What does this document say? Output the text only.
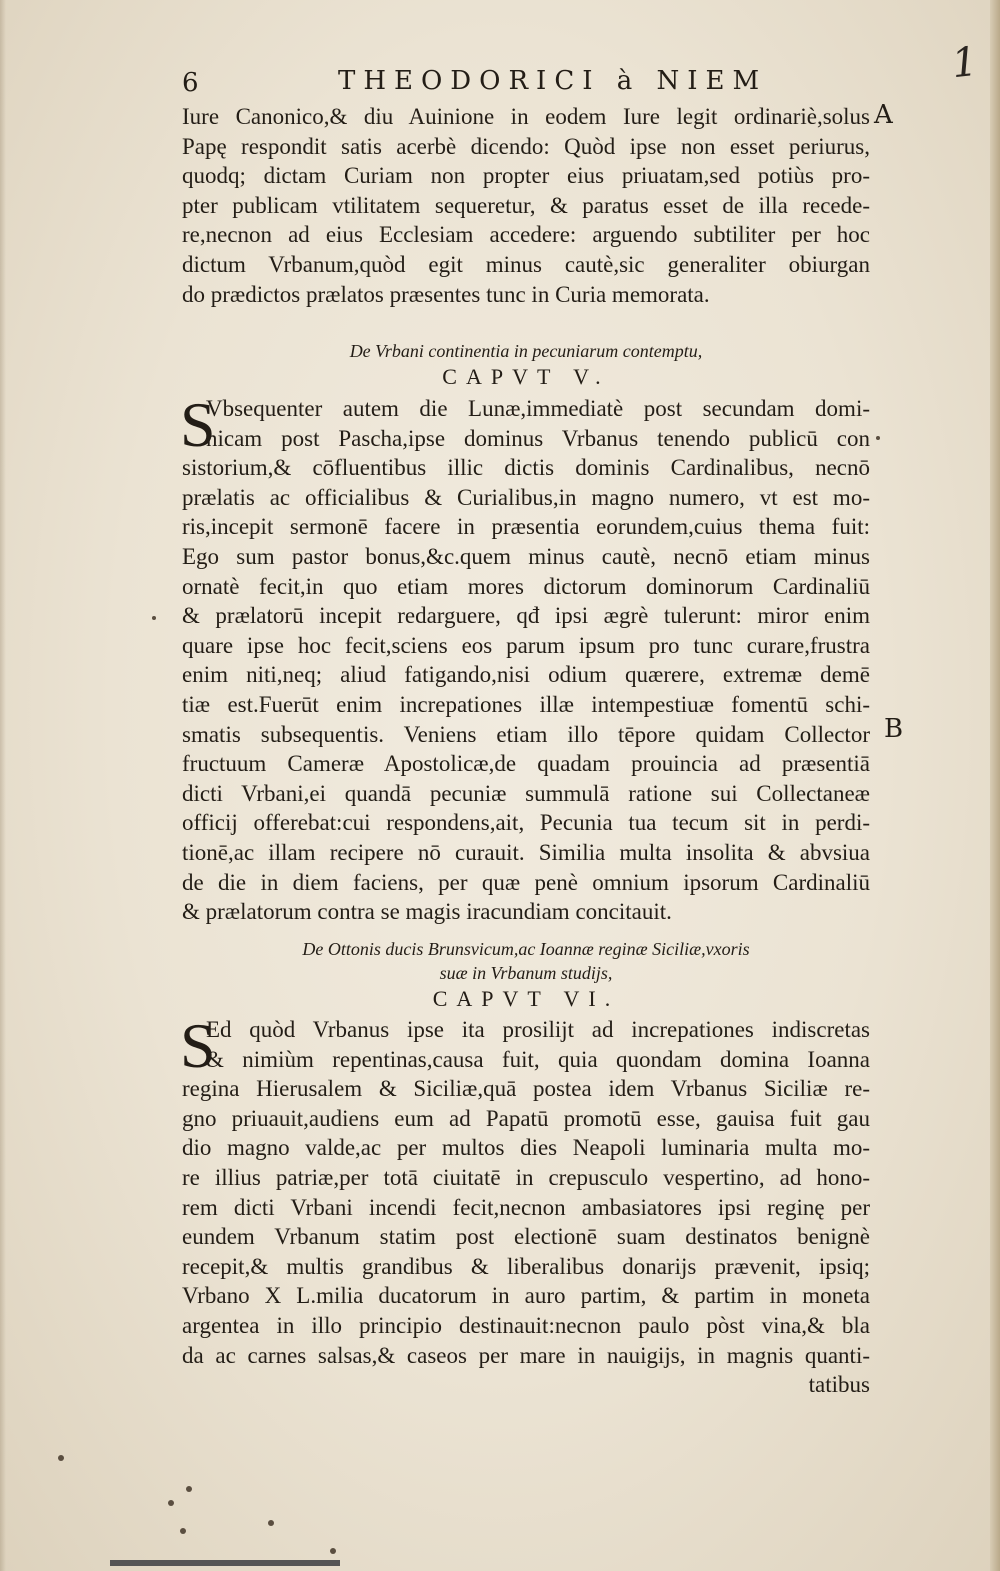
1
6	THEODORICI à NIEM
A
B
Iure Canonico,& diu Auinione in eodem Iure legit ordinariè,solus
Papę respondit satis acerbè dicendo: Quòd ipse non esset periurus,
quodq; dictam Curiam non propter eius priuatam,sed potiùs pro-
pter publicam vtilitatem sequeretur, & paratus esset de illa recede-
re,necnon ad eius Ecclesiam accedere: arguendo subtiliter per hoc
dictum Vrbanum,quòd egit minus cautè,sic generaliter obiurgan
do prædictos prælatos præsentes tunc in Curia memorata.
De Vrbani continentia in pecuniarum contemptu,
CAPVT V.
S
Vbsequenter autem die Lunæ,immediatè post secundam domi-
nicam post Pascha,ipse dominus Vrbanus tenendo publicū con
sistorium,& cōfluentibus illic dictis dominis Cardinalibus, necnō
prælatis ac officialibus & Curialibus,in magno numero, vt est mo-
ris,incepit sermonē facere in præsentia eorundem,cuius thema fuit:
Ego sum pastor bonus,&c.quem minus cautè, necnō etiam minus
ornatè fecit,in quo etiam mores dictorum dominorum Cardinaliū
& prælatorū incepit redarguere, qđ ipsi ægrè tulerunt: miror enim
quare ipse hoc fecit,sciens eos parum ipsum pro tunc curare,frustra
enim niti,neq; aliud fatigando,nisi odium quærere, extremæ demē
tiæ est.Fuerūt enim increpationes illæ intempestiuæ fomentū schi-
smatis subsequentis. Veniens etiam illo tēpore quidam Collector
fructuum Cameræ Apostolicæ,de quadam prouincia ad præsentiā
dicti Vrbani,ei quandā pecuniæ summulā ratione sui Collectaneæ
officij offerebat:cui respondens,ait, Pecunia tua tecum sit in perdi-
tionē,ac illam recipere nō curauit. Similia multa insolita & abvsiua
de die in diem faciens, per quæ penè omnium ipsorum Cardinaliū
& prælatorum contra se magis iracundiam concitauit.
De Ottonis ducis Brunsvicum,ac Ioannæ reginæ Siciliæ,vxoris
suæ in Vrbanum studijs,
CAPVT VI.
S
Ed quòd Vrbanus ipse ita prosilijt ad increpationes indiscretas
& nimiùm repentinas,causa fuit, quia quondam domina Ioanna
regina Hierusalem & Siciliæ,quā postea idem Vrbanus Siciliæ re-
gno priuauit,audiens eum ad Papatū promotū esse, gauisa fuit gau
dio magno valde,ac per multos dies Neapoli luminaria multa mo-
re illius patriæ,per totā ciuitatē in crepusculo vespertino, ad hono-
rem dicti Vrbani incendi fecit,necnon ambasiatores ipsi reginę per
eundem Vrbanum statim post electionē suam destinatos benignè
recepit,& multis grandibus & liberalibus donarijs prævenit, ipsiq;
Vrbano X L.milia ducatorum in auro partim, & partim in moneta
argentea in illo principio destinauit:necnon paulo pòst vina,& bla
da ac carnes salsas,& caseos per mare in nauigijs, in magnis quanti-
tatibus
